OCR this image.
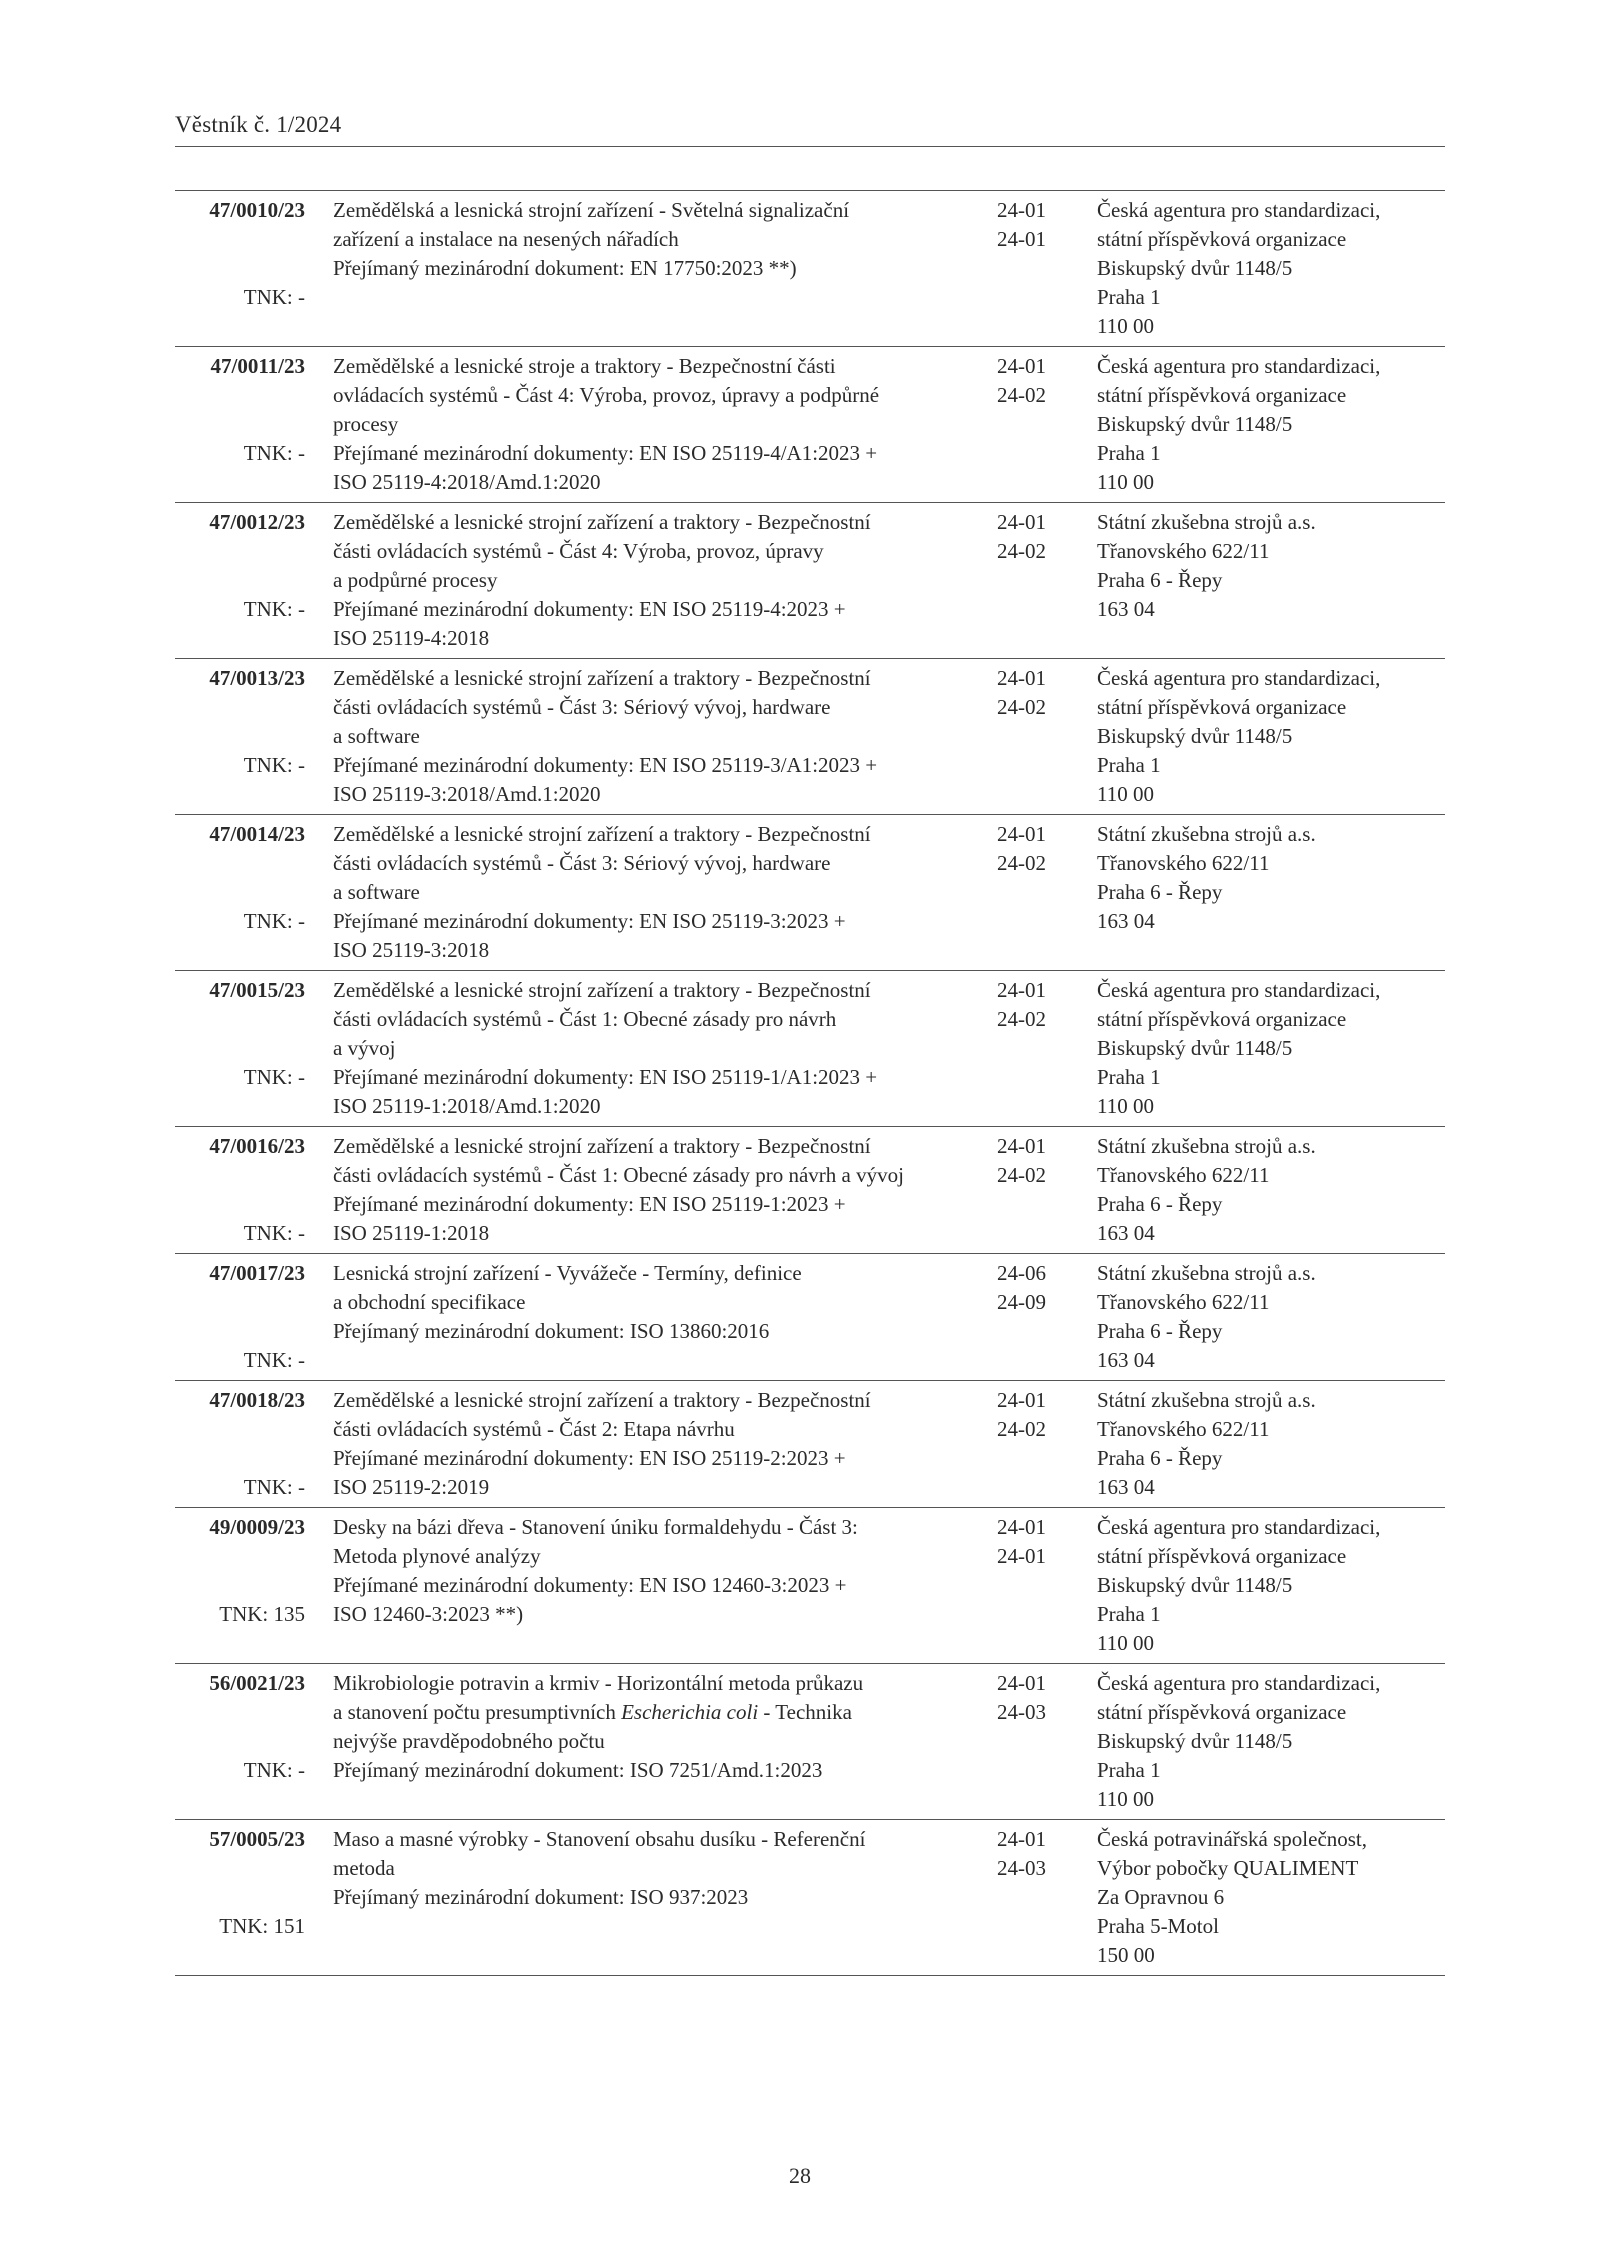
Věstník č. 1/2024
47/0010/23
TNK: -
Zemědělská a lesnická strojní zařízení - Světelná signalizační
zařízení a instalace na nesených nářadích
Přejímaný mezinárodní dokument: EN 17750:2023 **)
24-01
24-01
Česká agentura pro standardizaci,
státní příspěvková organizace
Biskupský dvůr 1148/5
Praha 1
110 00
47/0011/23
TNK: -
Zemědělské a lesnické stroje a traktory - Bezpečnostní části
ovládacích systémů - Část 4: Výroba, provoz, úpravy a podpůrné
procesy
Přejímané mezinárodní dokumenty: EN ISO 25119-4/A1:2023 +
ISO 25119-4:2018/Amd.1:2020
24-01
24-02
Česká agentura pro standardizaci,
státní příspěvková organizace
Biskupský dvůr 1148/5
Praha 1
110 00
47/0012/23
TNK: -
Zemědělské a lesnické strojní zařízení a traktory - Bezpečnostní
části ovládacích systémů - Část 4: Výroba, provoz, úpravy
a podpůrné procesy
Přejímané mezinárodní dokumenty: EN ISO 25119-4:2023 +
ISO 25119-4:2018
24-01
24-02
Státní zkušebna strojů a.s.
Třanovského 622/11
Praha 6 - Řepy
163 04
47/0013/23
TNK: -
Zemědělské a lesnické strojní zařízení a traktory - Bezpečnostní
části ovládacích systémů - Část 3: Sériový vývoj, hardware
a software
Přejímané mezinárodní dokumenty: EN ISO 25119-3/A1:2023 +
ISO 25119-3:2018/Amd.1:2020
24-01
24-02
Česká agentura pro standardizaci,
státní příspěvková organizace
Biskupský dvůr 1148/5
Praha 1
110 00
47/0014/23
TNK: -
Zemědělské a lesnické strojní zařízení a traktory - Bezpečnostní
části ovládacích systémů - Část 3: Sériový vývoj, hardware
a software
Přejímané mezinárodní dokumenty: EN ISO 25119-3:2023 +
ISO 25119-3:2018
24-01
24-02
Státní zkušebna strojů a.s.
Třanovského 622/11
Praha 6 - Řepy
163 04
47/0015/23
TNK: -
Zemědělské a lesnické strojní zařízení a traktory - Bezpečnostní
části ovládacích systémů - Část 1: Obecné zásady pro návrh
a vývoj
Přejímané mezinárodní dokumenty: EN ISO 25119-1/A1:2023 +
ISO 25119-1:2018/Amd.1:2020
24-01
24-02
Česká agentura pro standardizaci,
státní příspěvková organizace
Biskupský dvůr 1148/5
Praha 1
110 00
47/0016/23
TNK: -
Zemědělské a lesnické strojní zařízení a traktory - Bezpečnostní
části ovládacích systémů - Část 1: Obecné zásady pro návrh a vývoj
Přejímané mezinárodní dokumenty: EN ISO 25119-1:2023 +
ISO 25119-1:2018
24-01
24-02
Státní zkušebna strojů a.s.
Třanovského 622/11
Praha 6 - Řepy
163 04
47/0017/23
TNK: -
Lesnická strojní zařízení - Vyvážeče - Termíny, definice
a obchodní specifikace
Přejímaný mezinárodní dokument: ISO 13860:2016
24-06
24-09
Státní zkušebna strojů a.s.
Třanovského 622/11
Praha 6 - Řepy
163 04
47/0018/23
TNK: -
Zemědělské a lesnické strojní zařízení a traktory - Bezpečnostní
části ovládacích systémů - Část 2: Etapa návrhu
Přejímané mezinárodní dokumenty: EN ISO 25119-2:2023 +
ISO 25119-2:2019
24-01
24-02
Státní zkušebna strojů a.s.
Třanovského 622/11
Praha 6 - Řepy
163 04
49/0009/23
TNK: 135
Desky na bázi dřeva - Stanovení úniku formaldehydu - Část 3:
Metoda plynové analýzy
Přejímané mezinárodní dokumenty: EN ISO 12460-3:2023 +
ISO 12460-3:2023 **)
24-01
24-01
Česká agentura pro standardizaci,
státní příspěvková organizace
Biskupský dvůr 1148/5
Praha 1
110 00
56/0021/23
TNK: -
Mikrobiologie potravin a krmiv - Horizontální metoda průkazu
a stanovení počtu presumptivních Escherichia coli - Technika
nejvýše pravděpodobného počtu
Přejímaný mezinárodní dokument: ISO 7251/Amd.1:2023
24-01
24-03
Česká agentura pro standardizaci,
státní příspěvková organizace
Biskupský dvůr 1148/5
Praha 1
110 00
57/0005/23
TNK: 151
Maso a masné výrobky - Stanovení obsahu dusíku - Referenční
metoda
Přejímaný mezinárodní dokument: ISO 937:2023
24-01
24-03
Česká potravinářská společnost,
Výbor pobočky QUALIMENT
Za Opravnou 6
Praha 5-Motol
150 00
28
